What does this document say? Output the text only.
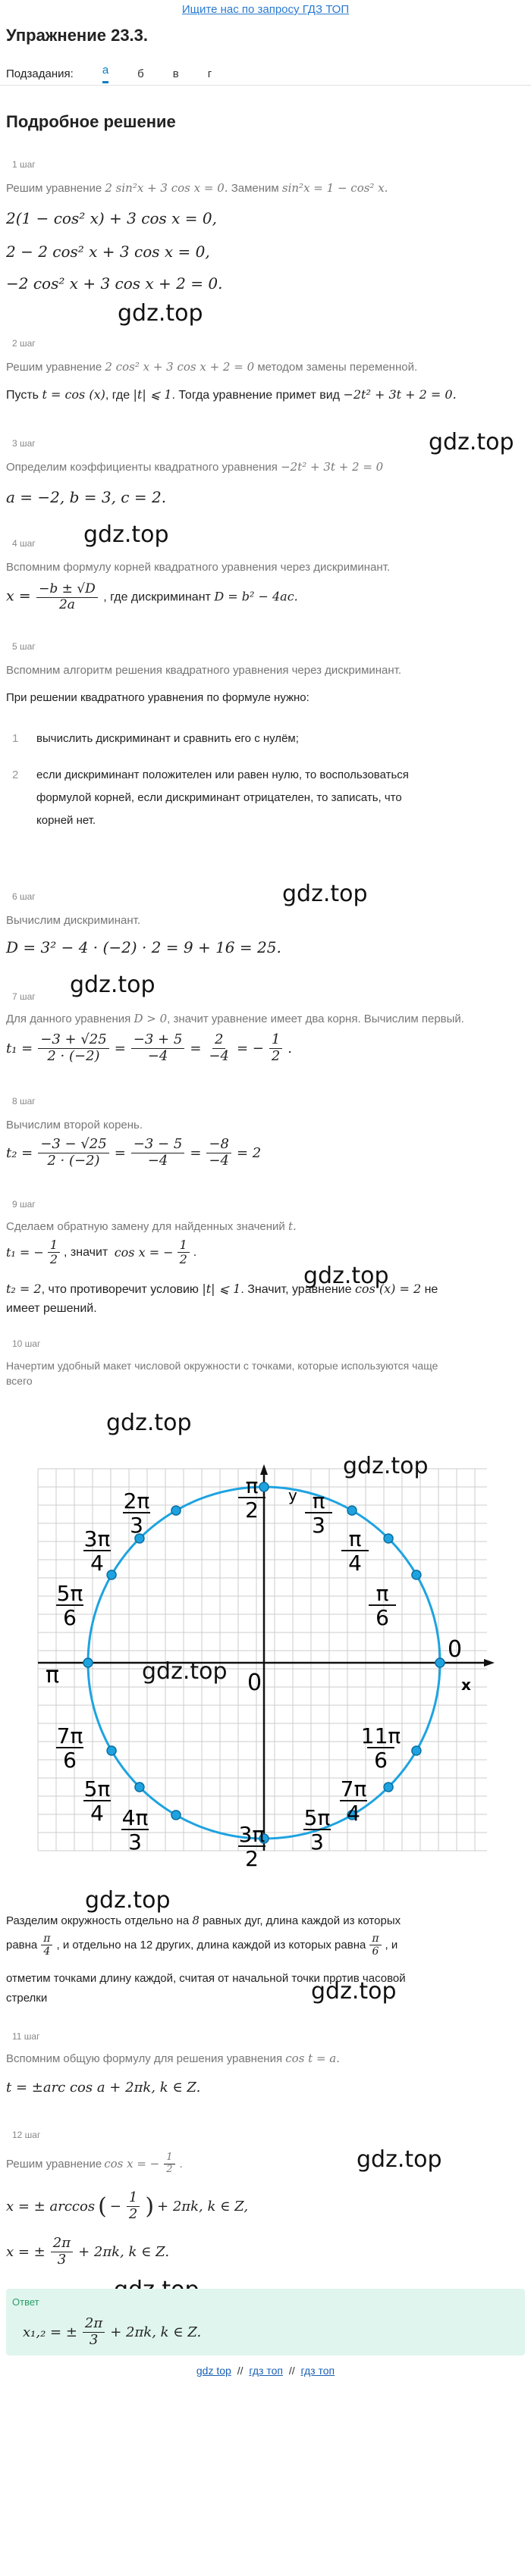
Ищите нас по запросу ГДЗ ТОП
Упражнение 23.3.
Подзадания:	а	б	в	г
Подробное решение
1 шаг
Решим уравнение 2 sin²x + 3 cos x = 0. Заменим sin²x = 1 − cos² x.
2(1 − cos² x) + 3 cos x = 0,
2 − 2 cos² x + 3 cos x = 0,
−2 cos² x + 3 cos x + 2 = 0.
gdz.top
2 шаг
Решим уравнение 2 cos² x + 3 cos x + 2 = 0 методом замены переменной.
Пусть t = cos (x), где |t| ⩽ 1. Тогда уравнение примет вид −2t² + 3t + 2 = 0.
gdz.top
3 шаг
Определим коэффициенты квадратного уравнения −2t² + 3t + 2 = 0
a = −2, b = 3, c = 2.
gdz.top
4 шаг
Вспомним формулу корней квадратного уравнения через дискриминант.
$x = \frac{-b \pm √D}{2a}$ , где дискриминант D = b² − 4ac.
5 шаг
Вспомним алгоритм решения квадратного уравнения через дискриминант.
При решении квадратного уравнения по формуле нужно:
1 вычислить дискриминант и сравнить его с нулём;
2 если дискриминант положителен или равен нулю, то воспользоваться
формулой корней, если дискриминант отрицателен, то записать, что
корней нет.
gdz.top
6 шаг
Вычислим дискриминант.
D = 3² − 4 · (−2) · 2 = 9 + 16 = 25.
gdz.top
7 шаг
Для данного уравнения D > 0, значит уравнение имеет два корня. Вычислим первый.
$t_1 = \frac{-3 + √25}{2 \cdot (-2)} = \frac{-3 + 5}{-4} = \frac{2}{-4}$ = − $\frac{1}{2}$ .
8 шаг
Вычислим второй корень.
$t_2 = \frac{-3 - √25}{2 \cdot (-2)} = \frac{-3 - 5}{-4} = \frac{-8}{-4} = 2$
9 шаг
Сделаем обратную замену для найденных значений t.
t₁ = − $\frac{1}{2}$ , значит
cos x = − $\frac{1}{2}$ .
t₂ = 2, что противоречит условию |t| ⩽ 1. Значит, уравнение cos (x) = 2 не
имеет решений.
gdz.top
10 шаг
Начертим удобный макет числовой окружности с точками, которые используются чаще
всего
gdz.top
π
2	π
3
π
4
π
6
2π
3
3π
4
5π
6
7π
6
5π
4 4π
3	3π
2
5π
3
7π
4
11π
6
y
x
0
0
π	gdz.top
gdz.top
gdz.top
Разделим окружность отдельно на 8 равных дуг, длина каждой из которых
равна $\frac{\pi}{4}$ , и отдельно на 12 других, длина каждой из которых равна $\frac{\pi}{6}$ , и
отметим точками длину каждой, считая от начальной точки против часовой
стрелки	gdz.top
11 шаг
Вспомним общую формулу для решения уравнения cos t = a.
t = ±arc cos a + 2πk, k ∈ Z.
gdz.top
12 шаг
Решим уравнение cos x = − $\frac{1}{2}$ .
x = ± arccos ( − $\frac{1}{2}$ ) + 2πk, k ∈ Z,
x = ± $\frac{2\pi}{3} + 2\pi k$, k ∈ Z.
Ответ
x₁,₂ = ± $\frac{2\pi}{3} + 2\pi k$, k ∈ Z.
gdz top // гдз топ // гдз топ
